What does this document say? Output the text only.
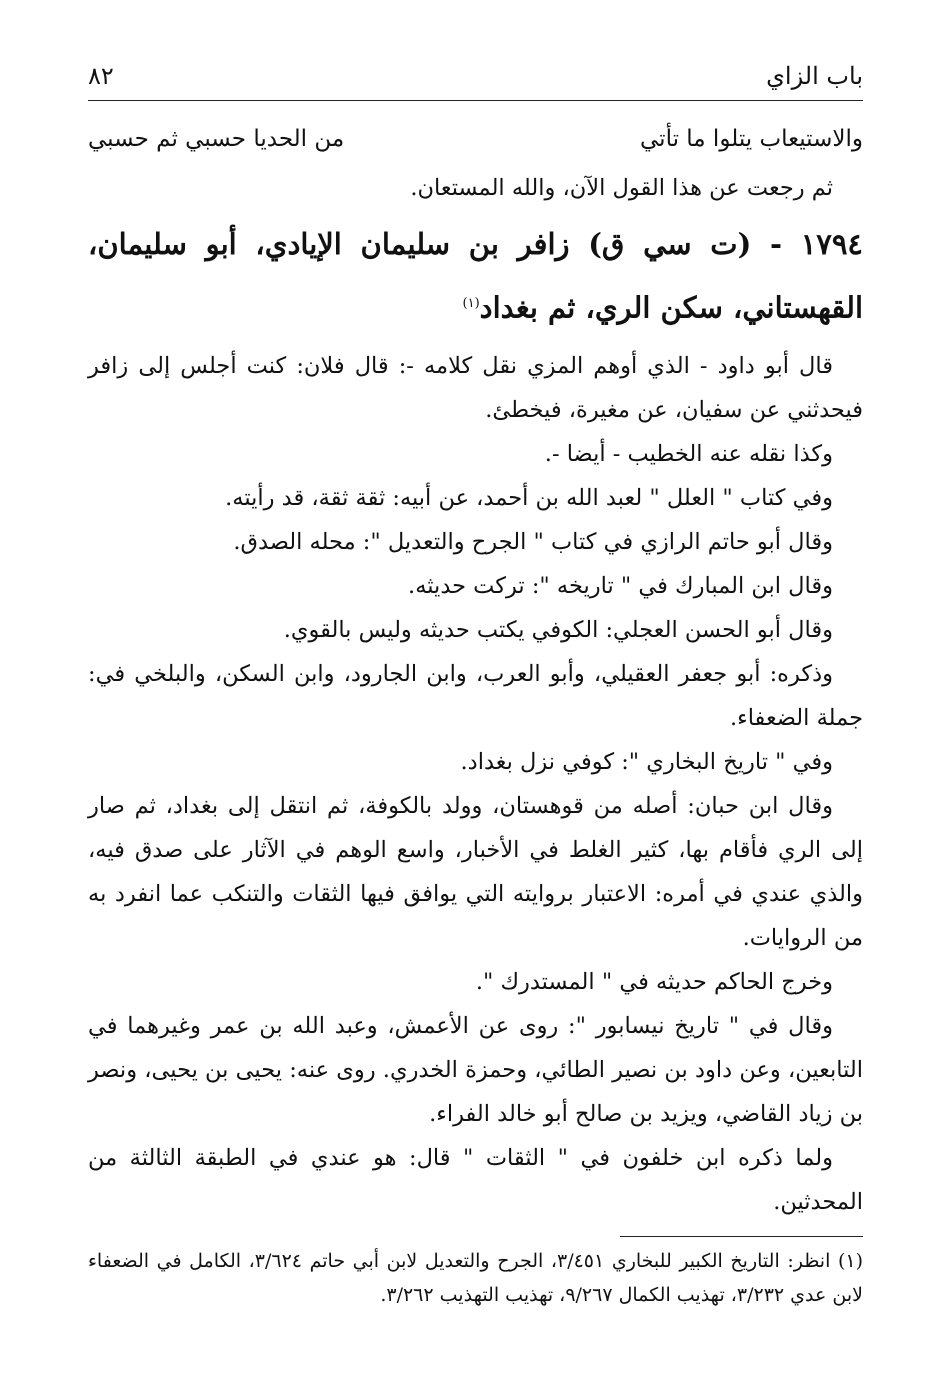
٨٢	باب الزاي
والاستيعاب يتلوا ما تأتي
من الحديا حسبي ثم حسبي

ثم رجعت عن هذا القول الآن، والله المستعان.

١٧٩٤ - (ت سي ق) زافر بن سليمان الإيادي، أبو سليمان، القهستاني، سكن الري، ثم بغداد$^{(١)}$

قال أبو داود - الذي أوهم المزي نقل كلامه -: قال فلان: كنت أجلس إلى زافر فيحدثني عن سفيان، عن مغيرة، فيخطئ.

وكذا نقله عنه الخطيب - أيضا -.

وفي كتاب " العلل " لعبد الله بن أحمد، عن أبيه: ثقة ثقة، قد رأيته.

وقال أبو حاتم الرازي في كتاب " الجرح والتعديل ": محله الصدق.

وقال ابن المبارك في " تاريخه ": تركت حديثه.

وقال أبو الحسن العجلي: الكوفي يكتب حديثه وليس بالقوي.

وذكره: أبو جعفر العقيلي، وأبو العرب، وابن الجارود، وابن السكن، والبلخي في: جملة الضعفاء.

وفي " تاريخ البخاري ": كوفي نزل بغداد.

وقال ابن حبان: أصله من قوهستان، وولد بالكوفة، ثم انتقل إلى بغداد، ثم صار إلى الري فأقام بها، كثير الغلط في الأخبار، واسع الوهم في الآثار على صدق فيه، والذي عندي في أمره: الاعتبار بروايته التي يوافق فيها الثقات والتنكب عما انفرد به من الروايات.

وخرج الحاكم حديثه في " المستدرك ".

وقال في " تاريخ نيسابور ": روى عن الأعمش، وعبد الله بن عمر وغيرهما في التابعين، وعن داود بن نصير الطائي، وحمزة الخدري. روى عنه: يحيى بن يحيى، ونصر بن زياد القاضي، ويزيد بن صالح أبو خالد الفراء.

ولما ذكره ابن خلفون في " الثقات " قال: هو عندي في الطبقة الثالثة من المحدثين.

(١) انظر: التاريخ الكبير للبخاري ٣/٤٥١، الجرح والتعديل لابن أبي حاتم ٣/٦٢٤، الكامل في الضعفاء لابن عدي ٣/٢٣٢، تهذيب الكمال ٩/٢٦٧، تهذيب التهذيب ٣/٢٦٢.
